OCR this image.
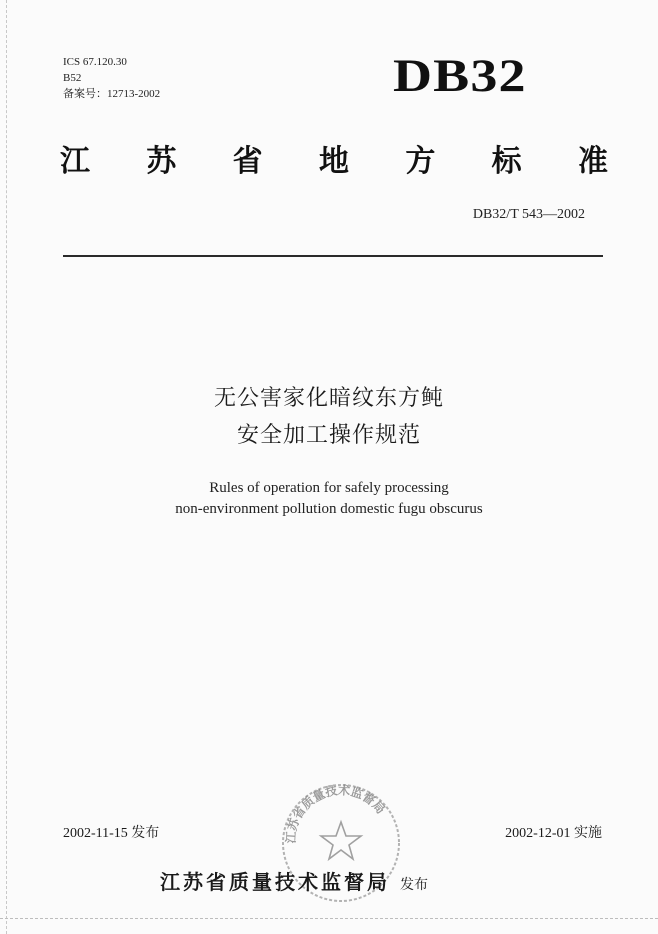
ICS 67.120.30
B52
备案号：12713-2002	DB32
江 苏 省 地 方 标 准
DB32/T 543—2002
无公害家化暗纹东方鲀
安全加工操作规范
Rules of operation for safely processing
non-environment pollution domestic fugu obscurus
江苏省质量技术监督局
2002-11-15 发布	2002-12-01 实施
江苏省质量技术监督局 发布
